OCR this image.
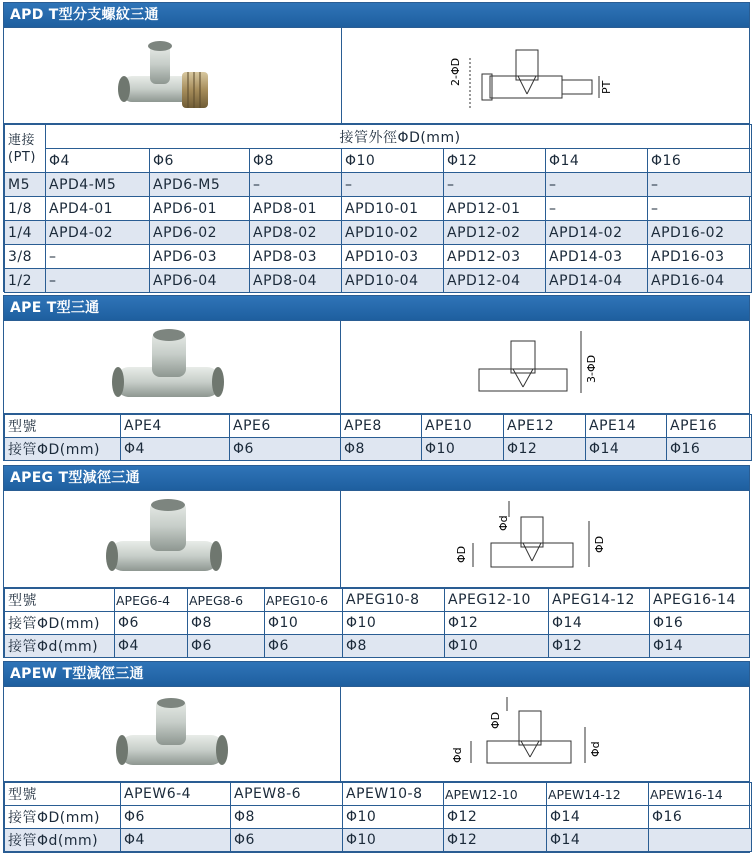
APD T型分支螺紋三通
2-ΦD
PT
連接
(PT)	接管外徑ΦD(mm)						
	Φ4	Φ6	Φ8	Φ10	Φ12	Φ14	Φ16
M5	APD4-M5	APD6-M5	–	–	–	–	–
1/8	APD4-01	APD6-01	APD8-01	APD10-01	APD12-01	–	–
1/4	APD4-02	APD6-02	APD8-02	APD10-02	APD12-02	APD14-02	APD16-02
3/8	–	APD6-03	APD8-03	APD10-03	APD12-03	APD14-03	APD16-03
1/2	–	APD6-04	APD8-04	APD10-04	APD12-04	APD14-04	APD16-04
APE T型三通
3-ΦD
型號	APE4	APE6	APE8	APE10	APE12	APE14	APE16
接管ΦD(mm)	Φ4	Φ6	Φ8	Φ10	Φ12	Φ14	Φ16
APEG T型減徑三通
Φd
ΦD
ΦD
型號	APEG6-4	APEG8-6	APEG10-6	APEG10-8	APEG12-10	APEG14-12	APEG16-14
接管ΦD(mm)	Φ6	Φ8	Φ10	Φ10	Φ12	Φ14	Φ16
接管Φd(mm)	Φ4	Φ6	Φ6	Φ8	Φ10	Φ12	Φ14
APEW T型減徑三通
ΦD
Φd	Φd
型號	APEW6-4	APEW8-6	APEW10-8	APEW12-10	APEW14-12	APEW16-14
接管ΦD(mm)	Φ6	Φ8	Φ10	Φ12	Φ14	Φ16
接管Φd(mm)	Φ4	Φ6	Φ10	Φ12	Φ14	
